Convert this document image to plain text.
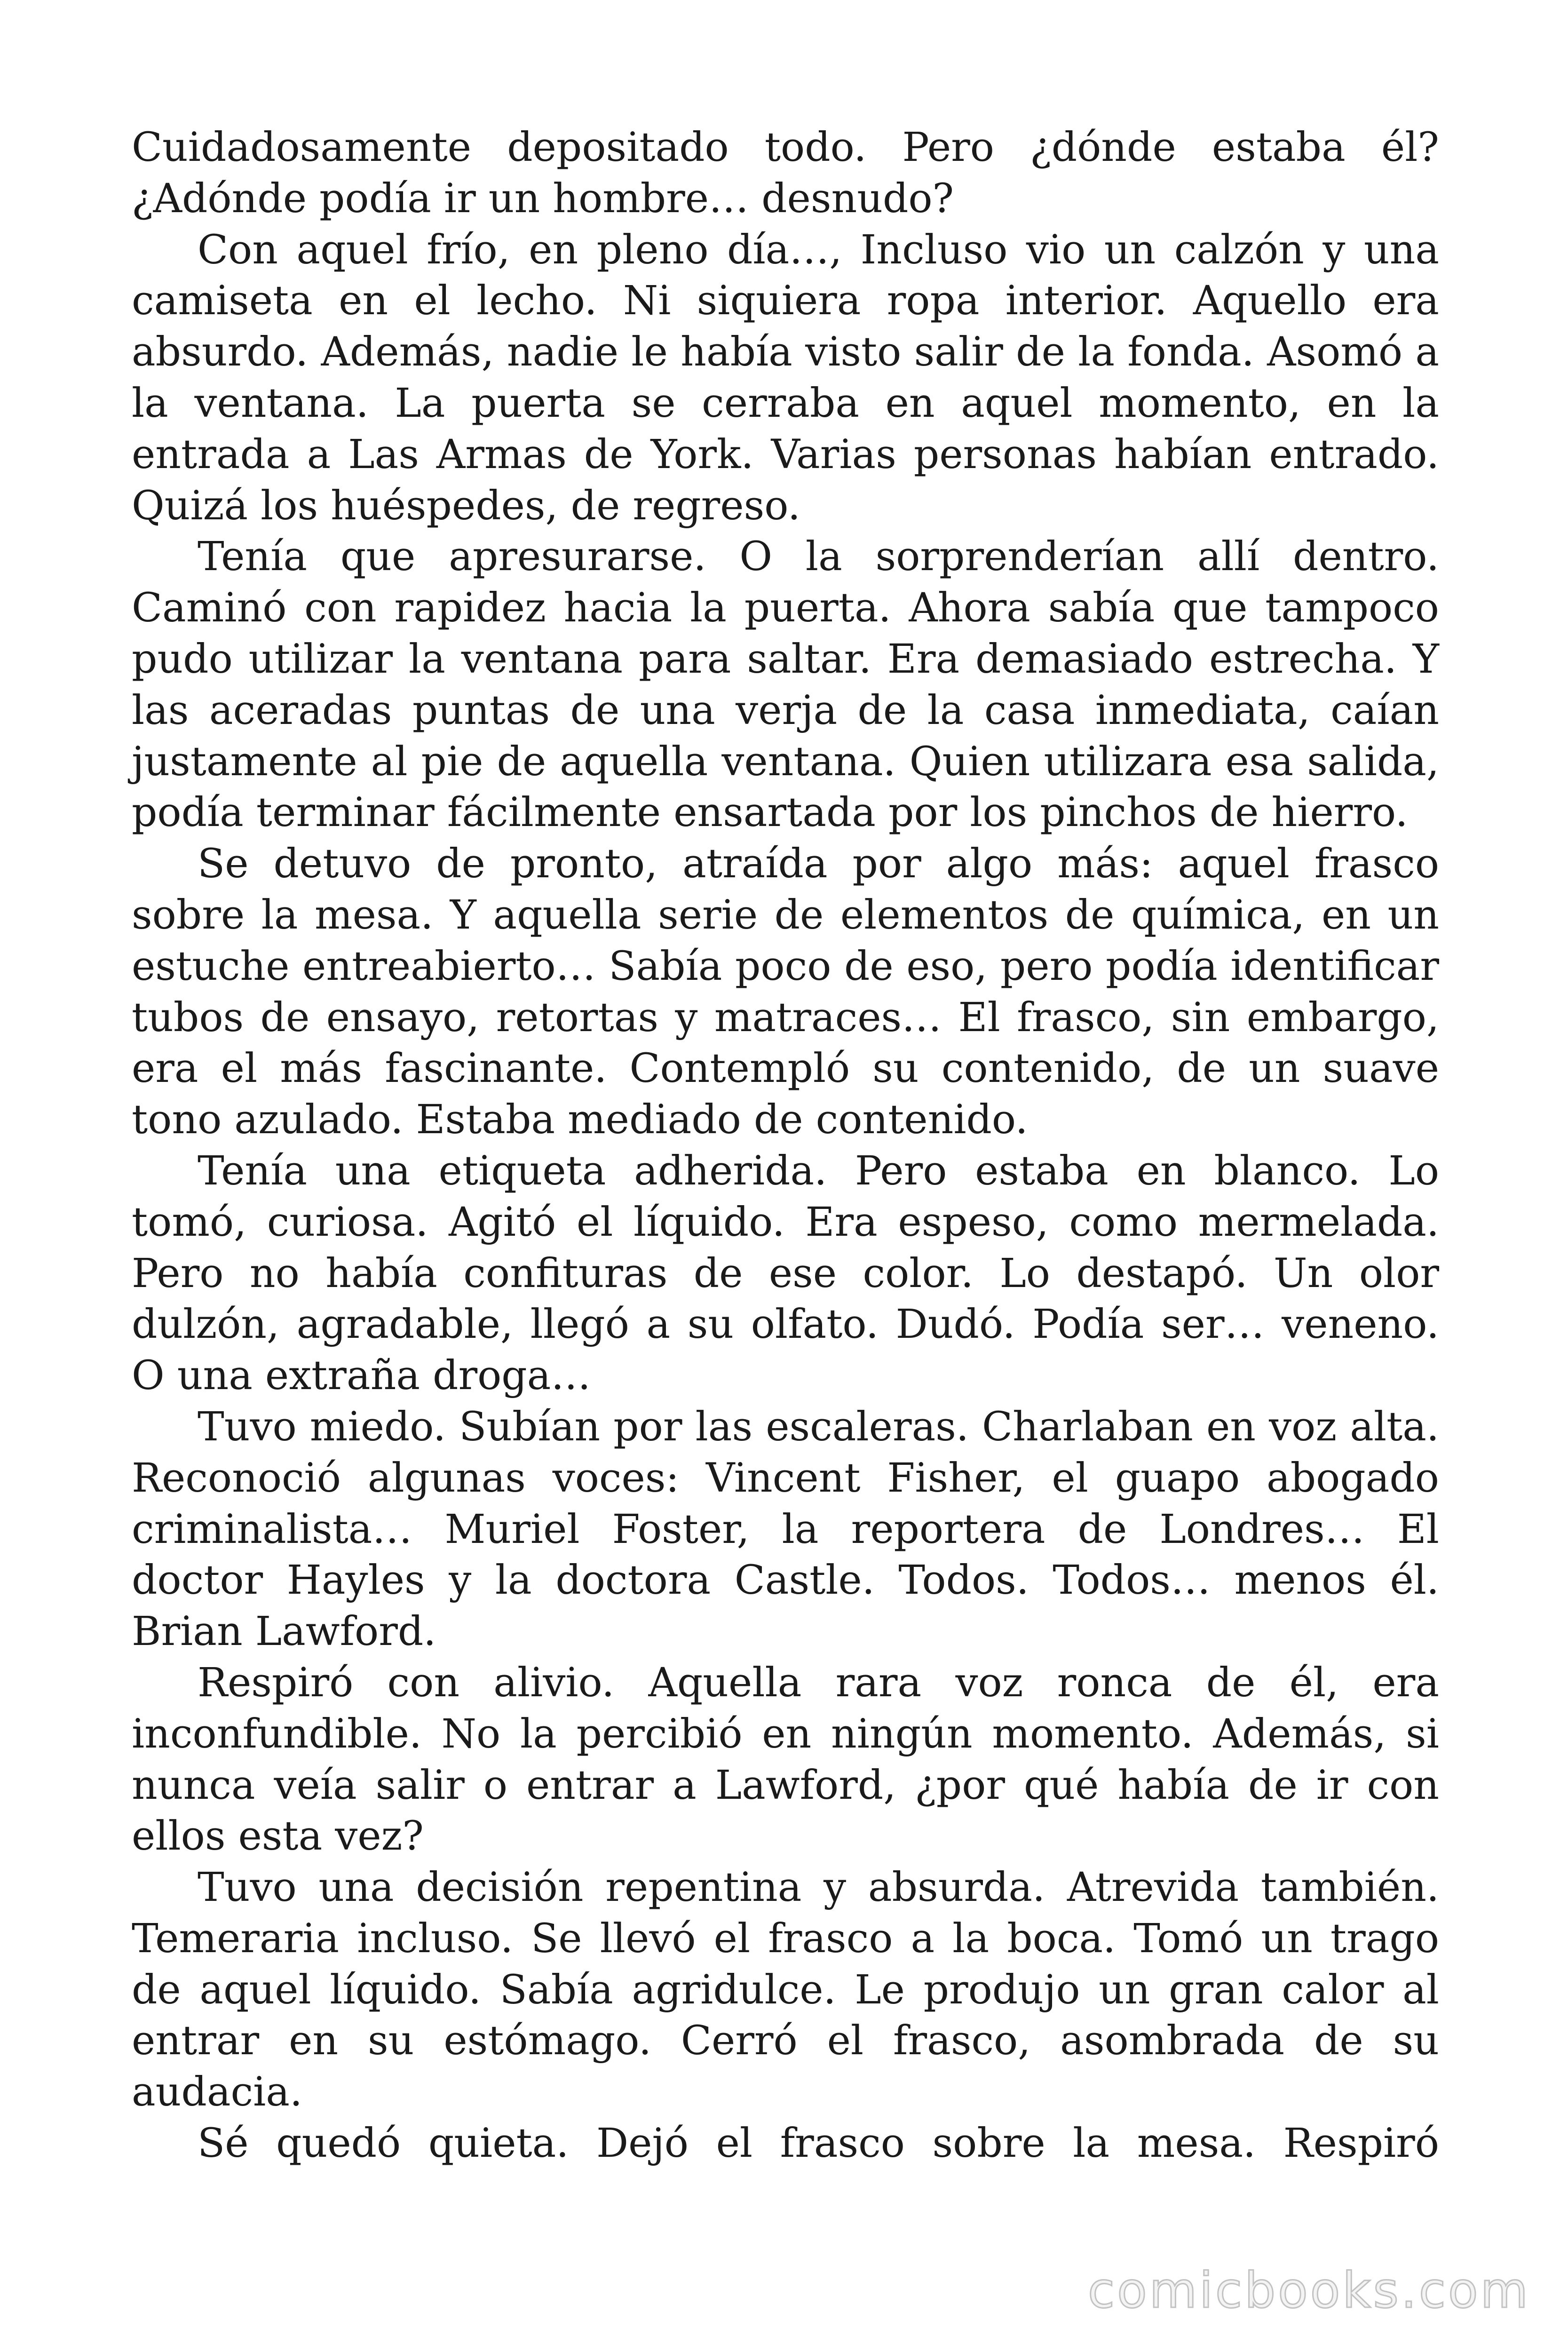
Cuidadosamente depositado todo. Pero ¿dónde estaba él? ¿Adónde podía ir un hombre… desnudo?

Con aquel frío, en pleno día…, Incluso vio un calzón y una camiseta en el lecho. Ni siquiera ropa interior. Aquello era absurdo. Además, nadie le había visto salir de la fonda. Asomó a la ventana. La puerta se cerraba en aquel momento, en la entrada a Las Armas de York. Varias personas habían entrado. Quizá los huéspedes, de regreso.

Tenía que apresurarse. O la sorprenderían allí dentro. Caminó con rapidez hacia la puerta. Ahora sabía que tampoco pudo utilizar la ventana para saltar. Era demasiado estrecha. Y las aceradas puntas de una verja de la casa inmediata, caían justamente al pie de aquella ventana. Quien utilizara esa salida, podía terminar fácilmente ensartada por los pinchos de hierro.

Se detuvo de pronto, atraída por algo más: aquel frasco sobre la mesa. Y aquella serie de elementos de química, en un estuche entreabierto… Sabía poco de eso, pero podía identificar tubos de ensayo, retortas y matraces… El frasco, sin embargo, era el más fascinante. Contempló su contenido, de un suave tono azulado. Estaba mediado de contenido.

Tenía una etiqueta adherida. Pero estaba en blanco. Lo tomó, curiosa. Agitó el líquido. Era espeso, como mermelada. Pero no había confituras de ese color. Lo destapó. Un olor dulzón, agradable, llegó a su olfato. Dudó. Podía ser… veneno. O una extraña droga…

Tuvo miedo. Subían por las escaleras. Charlaban en voz alta. Reconoció algunas voces: Vincent Fisher, el guapo abogado criminalista… Muriel Foster, la reportera de Londres… El doctor Hayles y la doctora Castle. Todos. Todos… menos él. Brian Lawford.

Respiró con alivio. Aquella rara voz ronca de él, era inconfundible. No la percibió en ningún momento. Además, si nunca veía salir o entrar a Lawford, ¿por qué había de ir con ellos esta vez?

Tuvo una decisión repentina y absurda. Atrevida también. Temeraria incluso. Se llevó el frasco a la boca. Tomó un trago de aquel líquido. Sabía agridulce. Le produjo un gran calor al entrar en su estómago. Cerró el frasco, asombrada de su audacia.

Sé quedó quieta. Dejó el frasco sobre la mesa. Respiró

comicbooks.com
